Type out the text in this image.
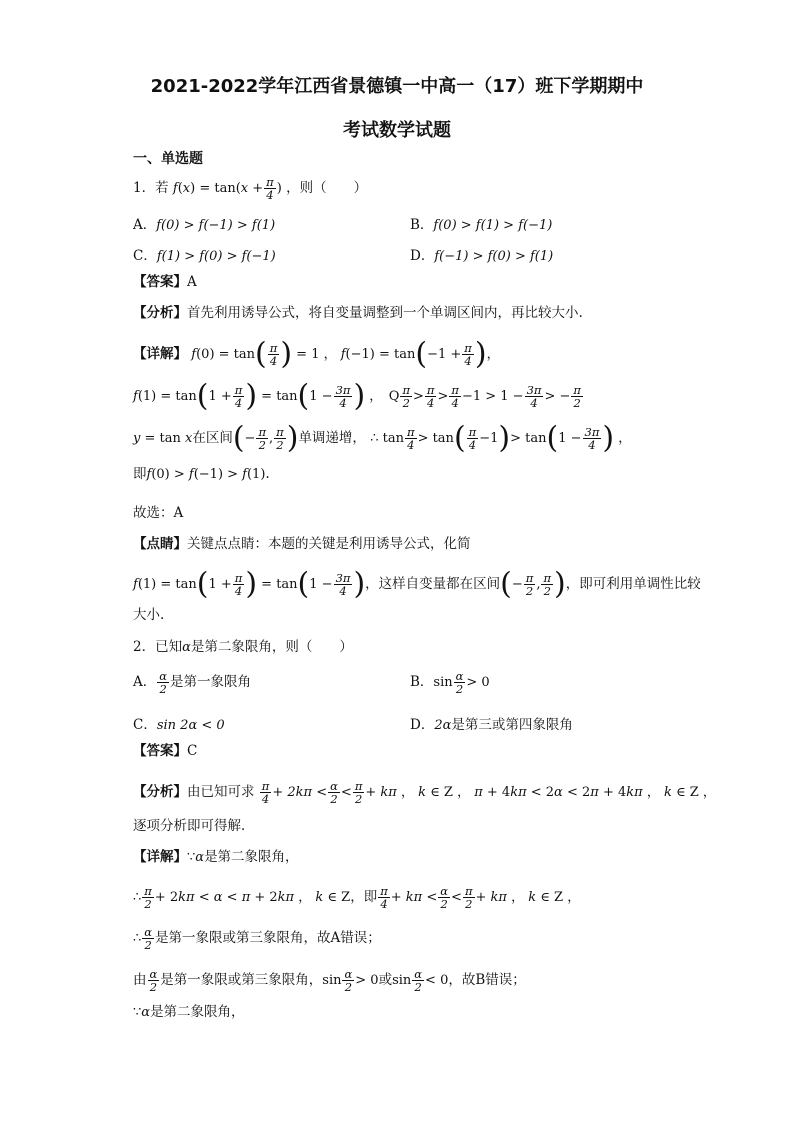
2021-2022学年江西省景德镇一中高一（17）班下学期期中
考试数学试题
一、单选题
1．若 $f(x) = \tan(x + \frac{\pi}{4}$ ) ，则（　　）
A．f(0) > f(−1) > f(1)	B．f(0) > f(1) > f(−1)
C．f(1) > f(0) > f(−1)	D．f(−1) > f(0) > f(1)
【答案】A
【分析】首先利用诱导公式，将自变量调整到一个单调区间内，再比较大小.
【详解】 $f(0) = \tan( \frac{\pi}{4}$ ) = 1 ， $f(-1) = \tan(-1 + \frac{\pi}{4}$ )，
$f(1) = \tan(1 + \frac{\pi}{4}$ ) = $\tan(1 - \frac{3\pi}{4}$ ) ，　Q $\frac{\pi}{2} > \frac{\pi}{4} > \frac{\pi}{4} -1 > 1 - \frac{3\pi}{4}$ > − $\frac{\pi}{2}$
y = tan x在区间(− $\frac{\pi}{2}$ , $\frac{\pi}{2}$ )单调递增， ∴ $\tan \frac{\pi}{4} > \tan( \frac{\pi}{4} -1)> \tan(1 - \frac{3\pi}{4}$ ) ，
即f(0) > f(−1) > f(1).
故选：A
【点睛】关键点点睛：本题的关键是利用诱导公式，化简
$f(1) = \tan(1 + \frac{\pi}{4}$ ) = $\tan(1 - \frac{3\pi}{4}$ )，这样自变量都在区间(− $\frac{\pi}{2}$ , $\frac{\pi}{2}$ )，即可利用单调性比较
大小.
2．已知α是第二象限角，则（　　）
A． $\frac{\alpha}{2}$ 是第一象限角	B．$\sin \frac{\alpha}{2} > 0$
C．sin 2α < 0	D．2α是第三或第四象限角
【答案】C
【分析】由已知可求 $\frac{\pi}{4} + 2k\pi < \frac{\alpha}{2} < \frac{\pi}{2} + k\pi$ ， k ∈ Z ， π + 4kπ < 2α < 2π + 4kπ ， k ∈ Z ，
逐项分析即可得解．
【详解】∵α是第二象限角，
∴ $\frac{\pi}{2} + 2k\pi < \alpha < \pi + 2k\pi$ ， k ∈ Z，即 $\frac{\pi}{4} + k\pi < \frac{\alpha}{2} < \frac{\pi}{2} + k\pi$ ， k ∈ Z ，
∴ $\frac{\alpha}{2}$ 是第一象限或第三象限角，故A错误；
由 $\frac{\alpha}{2}$ 是第一象限或第三象限角，$\sin \frac{\alpha}{2} > 0$或$\sin \frac{\alpha}{2} < 0$，故B错误；
∵α是第二象限角，
